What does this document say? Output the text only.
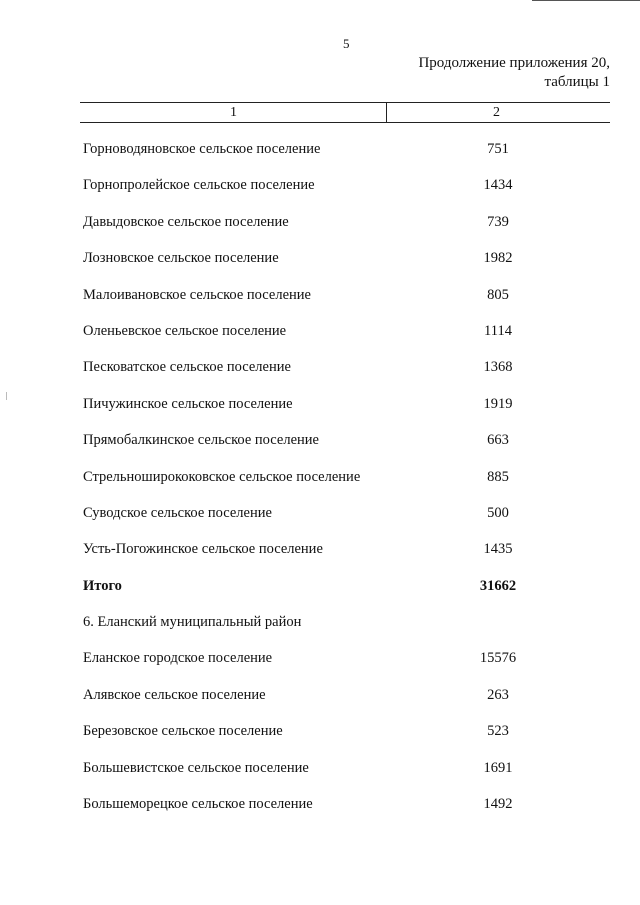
5
Продолжение приложения 20,
таблицы 1
1	2
Горноводяновское сельское поселение	751
Горнопролейское сельское поселение	1434
Давыдовское сельское поселение	739
Лозновское сельское поселение	1982
Малоивановское сельское поселение	805
Оленьевское сельское поселение	1114
Песковатское сельское поселение	1368
Пичужинское сельское поселение	1919
Прямобалкинское сельское поселение	663
Стрельноширококовское сельское поселение	885
Суводское сельское поселение	500
Усть-Погожинское сельское поселение	1435
Итого	31662
6. Еланский муниципальный район
Еланское городское поселение	15576
Алявское сельское поселение	263
Березовское сельское поселение	523
Большевистское сельское поселение	1691
Большеморецкое сельское поселение	1492
